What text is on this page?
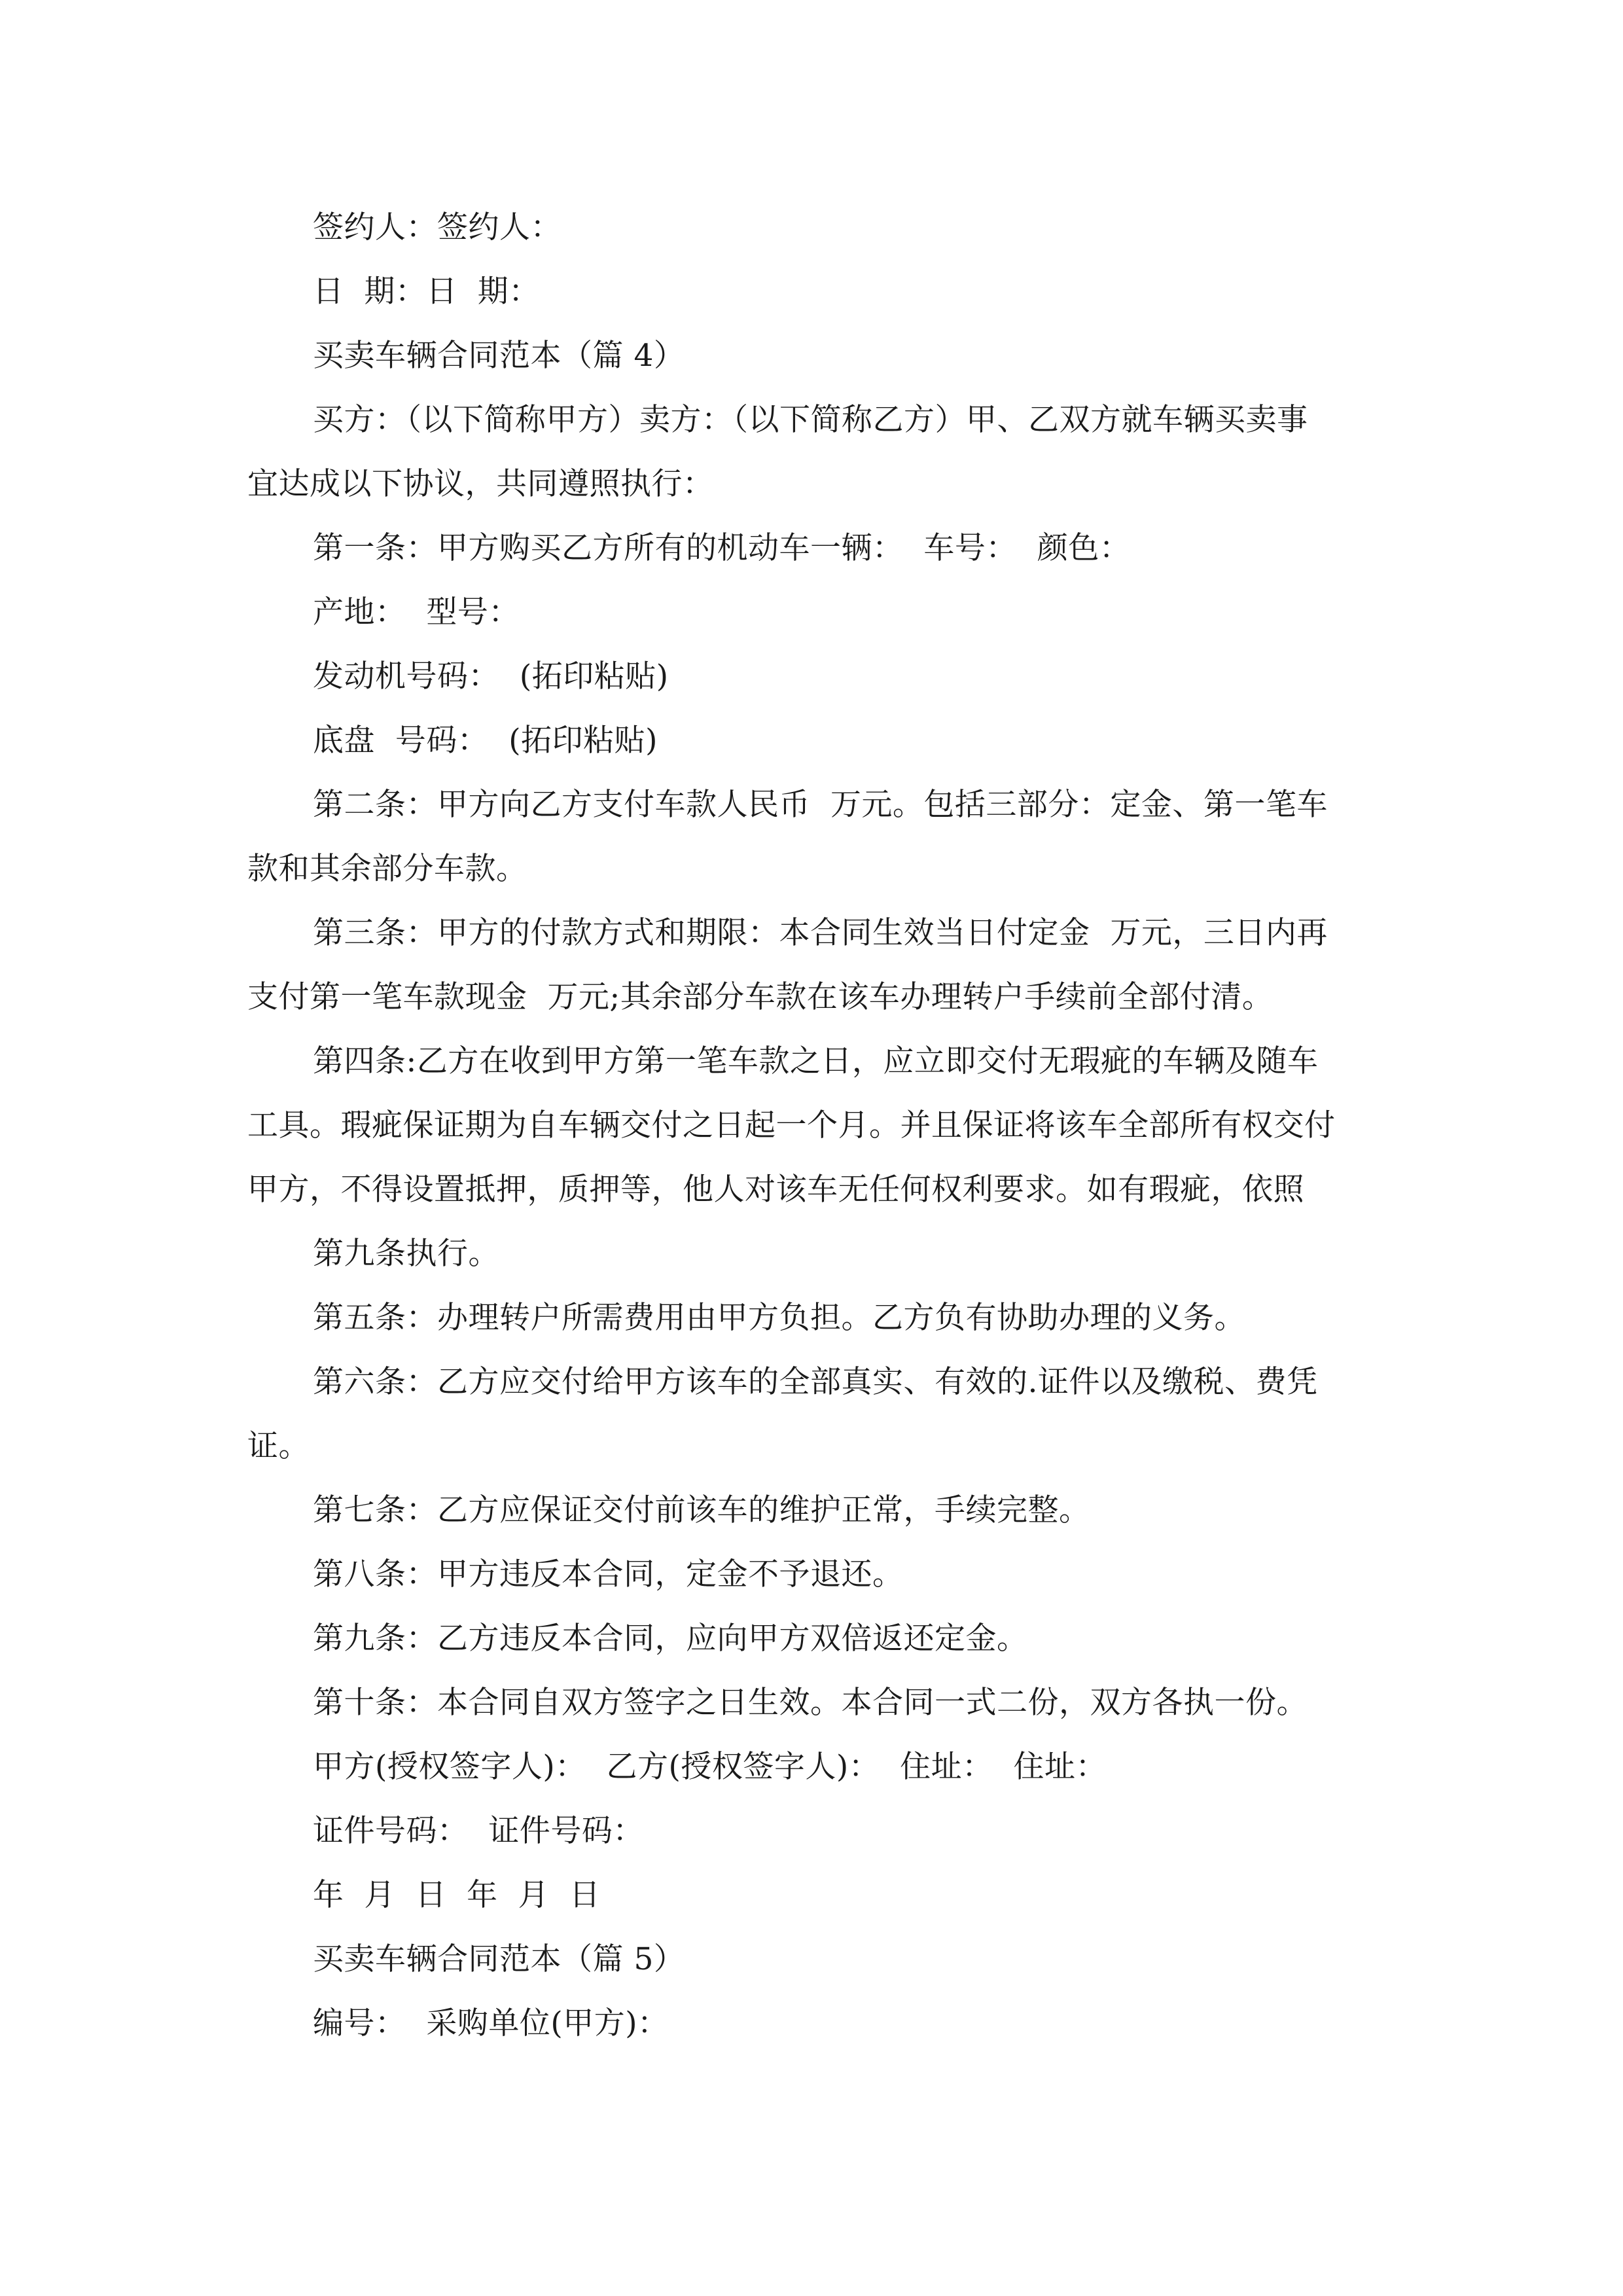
签约人：签约人：
日  期：日  期：
买卖车辆合同范本（篇 4）
买方：（以下简称甲方）卖方：（以下简称乙方）甲、乙双方就车辆买卖事
宜达成以下协议，共同遵照执行：
第一条：甲方购买乙方所有的机动车一辆：  车号：  颜色：
产地：  型号：
发动机号码：  (拓印粘贴)
底盘  号码：  (拓印粘贴)
第二条：甲方向乙方支付车款人民币  万元。包括三部分：定金、第一笔车
款和其余部分车款。
第三条：甲方的付款方式和期限：本合同生效当日付定金  万元，三日内再
支付第一笔车款现金  万元;其余部分车款在该车办理转户手续前全部付清。
第四条:乙方在收到甲方第一笔车款之日，应立即交付无瑕疵的车辆及随车
工具。瑕疵保证期为自车辆交付之日起一个月。并且保证将该车全部所有权交付
甲方，不得设置抵押，质押等，他人对该车无任何权利要求。如有瑕疵，依照
第九条执行。
第五条：办理转户所需费用由甲方负担。乙方负有协助办理的义务。
第六条：乙方应交付给甲方该车的全部真实、有效的.证件以及缴税、费凭
证。
第七条：乙方应保证交付前该车的维护正常，手续完整。
第八条：甲方违反本合同，定金不予退还。
第九条：乙方违反本合同，应向甲方双倍返还定金。
第十条：本合同自双方签字之日生效。本合同一式二份，双方各执一份。
甲方(授权签字人)：  乙方(授权签字人)：  住址：  住址：
证件号码：  证件号码：
年  月  日  年  月  日
买卖车辆合同范本（篇 5）
编号：  采购单位(甲方)：
